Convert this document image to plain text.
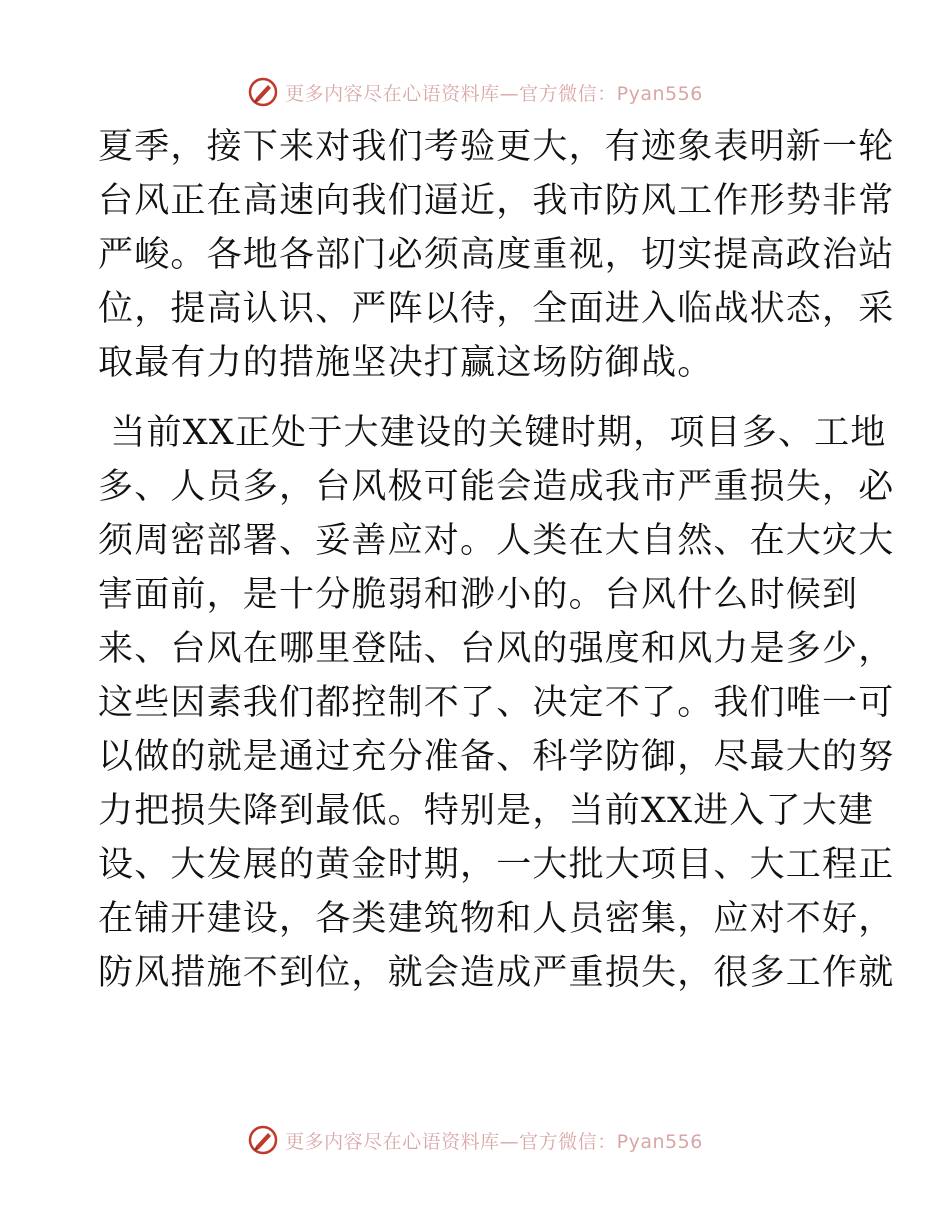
更多内容尽在心语资料库—官方微信：Pyan556

夏季，接下来对我们考验更大，有迹象表明新一轮
台风正在高速向我们逼近，我市防风工作形势非常
严峻。各地各部门必须高度重视，切实提高政治站
位，提高认识、严阵以待，全面进入临战状态，采
取最有力的措施坚决打赢这场防御战。

当前XX正处于大建设的关键时期，项目多、工地
多、人员多，台风极可能会造成我市严重损失，必
须周密部署、妥善应对。人类在大自然、在大灾大
害面前，是十分脆弱和渺小的。台风什么时候到
来、台风在哪里登陆、台风的强度和风力是多少，
这些因素我们都控制不了、决定不了。我们唯一可
以做的就是通过充分准备、科学防御，尽最大的努
力把损失降到最低。特别是，当前XX进入了大建
设、大发展的黄金时期，一大批大项目、大工程正
在铺开建设，各类建筑物和人员密集，应对不好，
防风措施不到位，就会造成严重损失，很多工作就

更多内容尽在心语资料库—官方微信：Pyan556
